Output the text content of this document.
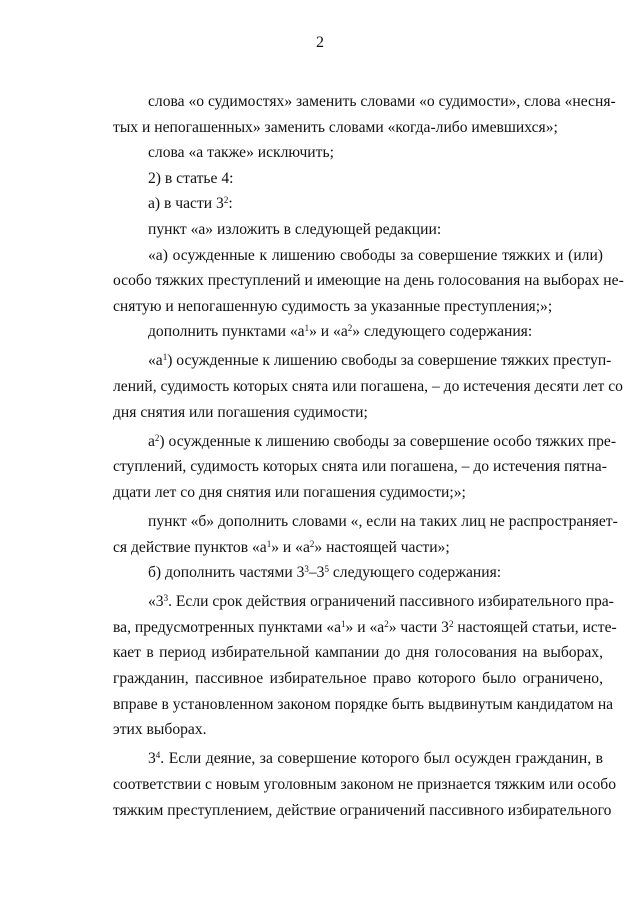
2
слова «о судимостях» заменить словами «о судимости», слова «несня-
тых и непогашенных» заменить словами «когда-либо имевшихся»;
слова «а также» исключить;
2) в статье 4:
а) в части $3^2$:
пункт «а» изложить в следующей редакции:
«а) осужденные к лишению свободы за совершение тяжких и (или)
особо тяжких преступлений и имеющие на день голосования на выборах не-
снятую и непогашенную судимость за указанные преступления;»;
дополнить пунктами «$а^1$» и «$а^2$» следующего содержания:
«$а^1$) осужденные к лишению свободы за совершение тяжких преступ-
лений, судимость которых снята или погашена, – до истечения десяти лет со
дня снятия или погашения судимости;
$а^2$) осужденные к лишению свободы за совершение особо тяжких пре-
ступлений, судимость которых снята или погашена, – до истечения пятна-
дцати лет со дня снятия или погашения судимости;»;
пункт «б» дополнить словами «, если на таких лиц не распространяет-
ся действие пунктов «$а^1$» и «$а^2$» настоящей части»;
б) дополнить частями $3^3-3^5$ следующего содержания:
«$3^3$. Если срок действия ограничений пассивного избирательного пра-
ва, предусмотренных пунктами «$а^1$» и «$а^2$» части $3^2$ настоящей статьи, исте-
кает в период избирательной кампании до дня голосования на выборах,
гражданин, пассивное избирательное право которого было ограничено,
вправе в установленном законом порядке быть выдвинутым кандидатом на
этих выборах.
$3^4$. Если деяние, за совершение которого был осужден гражданин, в
соответствии с новым уголовным законом не признается тяжким или особо
тяжким преступлением, действие ограничений пассивного избирательного
